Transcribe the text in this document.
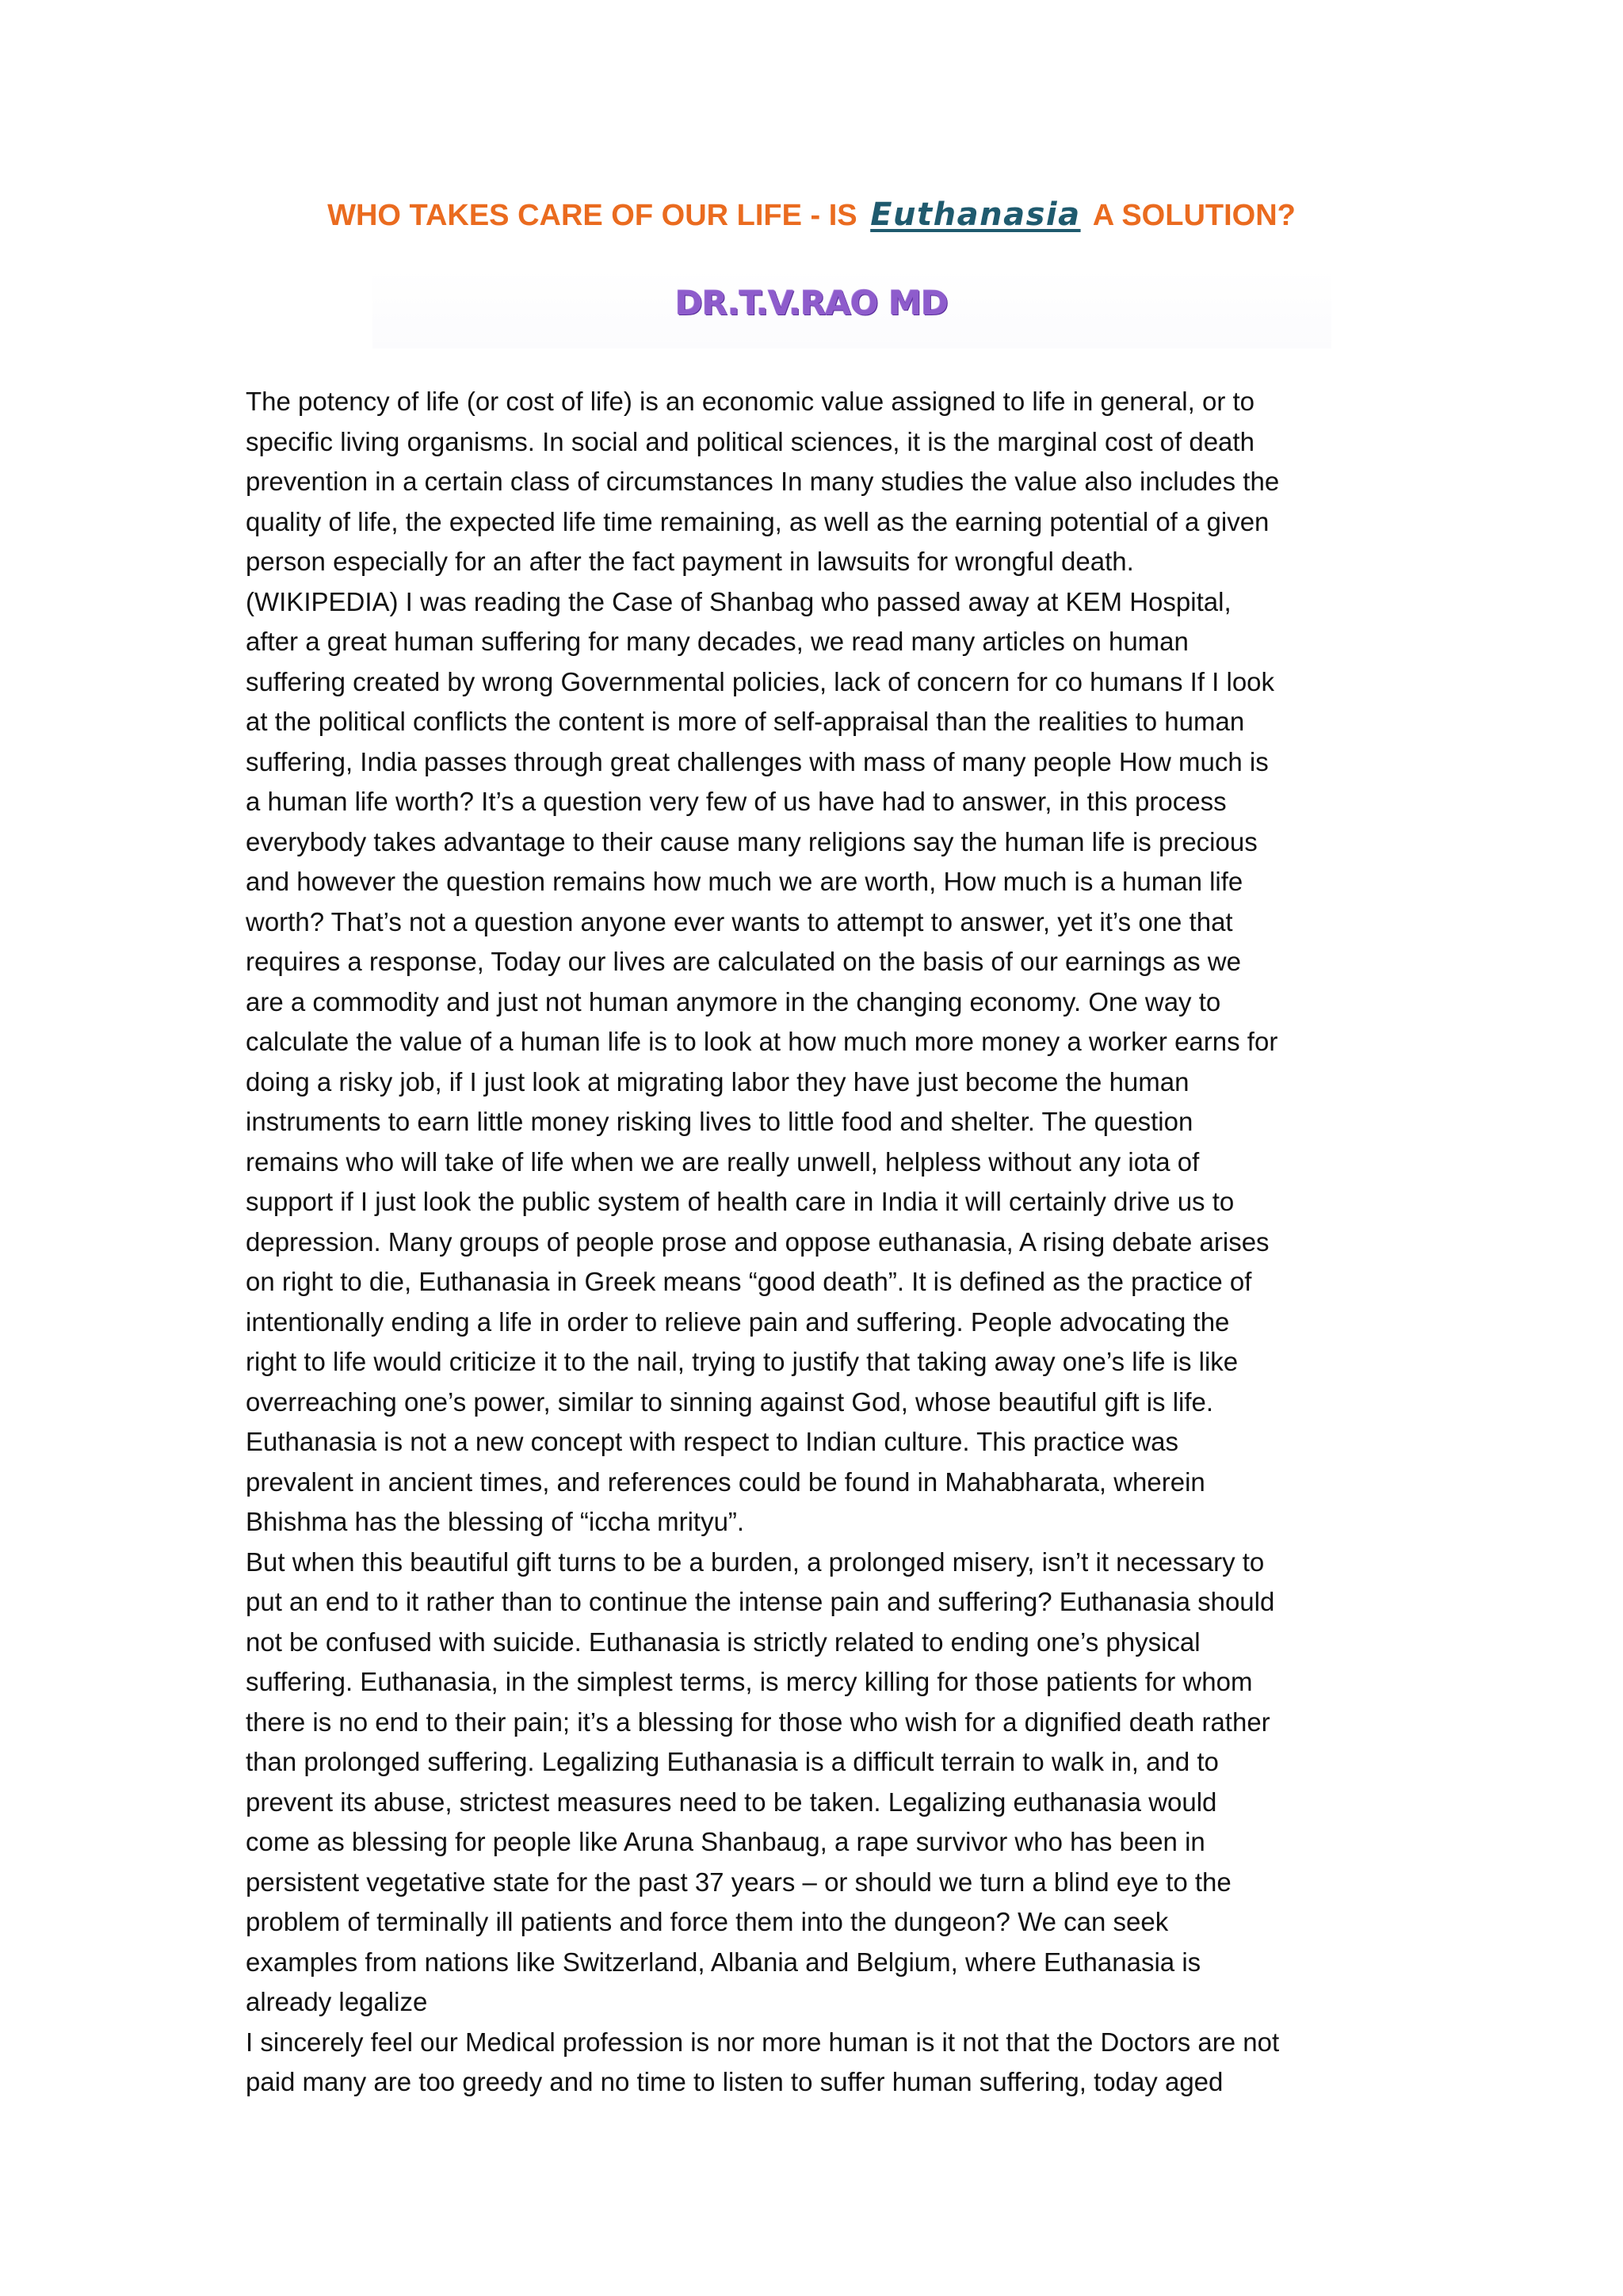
WHO TAKES CARE OF OUR LIFE - IS Euthanasia A SOLUTION?
DR.T.V.RAO MD

The potency of life (or cost of life) is an economic value assigned to life in general, or to
specific living organisms. In social and political sciences, it is the marginal cost of death
prevention in a certain class of circumstances In many studies the value also includes the
quality of life, the expected life time remaining, as well as the earning potential of a given
person especially for an after the fact payment in lawsuits for wrongful death.
(WIKIPEDIA) I was reading the Case of Shanbag who passed away at KEM Hospital,
after a great human suffering for many decades, we read many articles on human
suffering created by wrong Governmental policies, lack of concern for co humans If I look
at the political conflicts the content is more of self-appraisal than the realities to human
suffering, India passes through great challenges with mass of many people How much is
a human life worth? It’s a question very few of us have had to answer, in this process
everybody takes advantage to their cause many religions say the human life is precious
and however the question remains how much we are worth, How much is a human life
worth? That’s not a question anyone ever wants to attempt to answer, yet it’s one that
requires a response, Today our lives are calculated on the basis of our earnings as we
are a commodity and just not human anymore in the changing economy. One way to
calculate the value of a human life is to look at how much more money a worker earns for
doing a risky job, if I just look at migrating labor they have just become the human
instruments to earn little money risking lives to little food and shelter. The question
remains who will take of life when we are really unwell, helpless without any iota of
support if I just look the public system of health care in India it will certainly drive us to
depression. Many groups of people prose and oppose euthanasia, A rising debate arises
on right to die, Euthanasia in Greek means “good death”. It is defined as the practice of
intentionally ending a life in order to relieve pain and suffering. People advocating the
right to life would criticize it to the nail, trying to justify that taking away one’s life is like
overreaching one’s power, similar to sinning against God, whose beautiful gift is life.
Euthanasia is not a new concept with respect to Indian culture. This practice was
prevalent in ancient times, and references could be found in Mahabharata, wherein
Bhishma has the blessing of “iccha mrityu”.

But when this beautiful gift turns to be a burden, a prolonged misery, isn’t it necessary to
put an end to it rather than to continue the intense pain and suffering? Euthanasia should
not be confused with suicide. Euthanasia is strictly related to ending one’s physical
suffering. Euthanasia, in the simplest terms, is mercy killing for those patients for whom
there is no end to their pain; it’s a blessing for those who wish for a dignified death rather
than prolonged suffering. Legalizing Euthanasia is a difficult terrain to walk in, and to
prevent its abuse, strictest measures need to be taken. Legalizing euthanasia would
come as blessing for people like Aruna Shanbaug, a rape survivor who has been in
persistent vegetative state for the past 37 years – or should we turn a blind eye to the
problem of terminally ill patients and force them into the dungeon? We can seek
examples from nations like Switzerland, Albania and Belgium, where Euthanasia is
already legalize

I sincerely feel our Medical profession is nor more human is it not that the Doctors are not
paid many are too greedy and no time to listen to suffer human suffering, today aged
